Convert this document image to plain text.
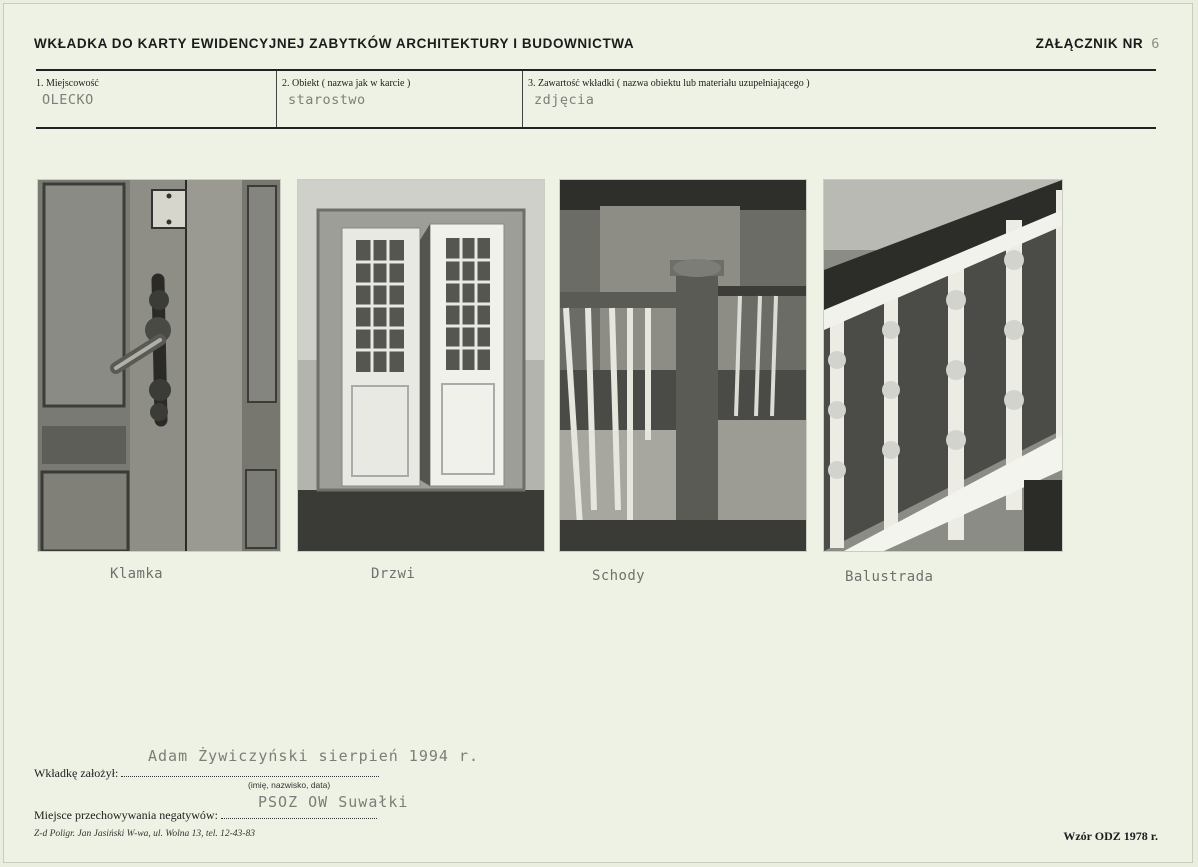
WKŁADKA DO KARTY EWIDENCYJNEJ ZABYTKÓW ARCHITEKTURY I BUDOWNICTWA	ZAŁĄCZNIK NR 6
1. Miejscowość
OLECKO
2. Obiekt ( nazwa jak w karcie )
starostwo
3. Zawartość wkładki ( nazwa obiektu lub materiału uzupełniającego )
zdjęcia
Klamka	Drzwi	Schody	Balustrada
Adam Żywiczyński sierpień 1994 r.
Wkładkę założył:
(imię, nazwisko, data)
PSOZ OW Suwałki
Miejsce przechowywania negatywów:
Z-d Poligr. Jan Jasiński W-wa, ul. Wolna 13, tel. 12-43-83	Wzór ODZ 1978 r.
